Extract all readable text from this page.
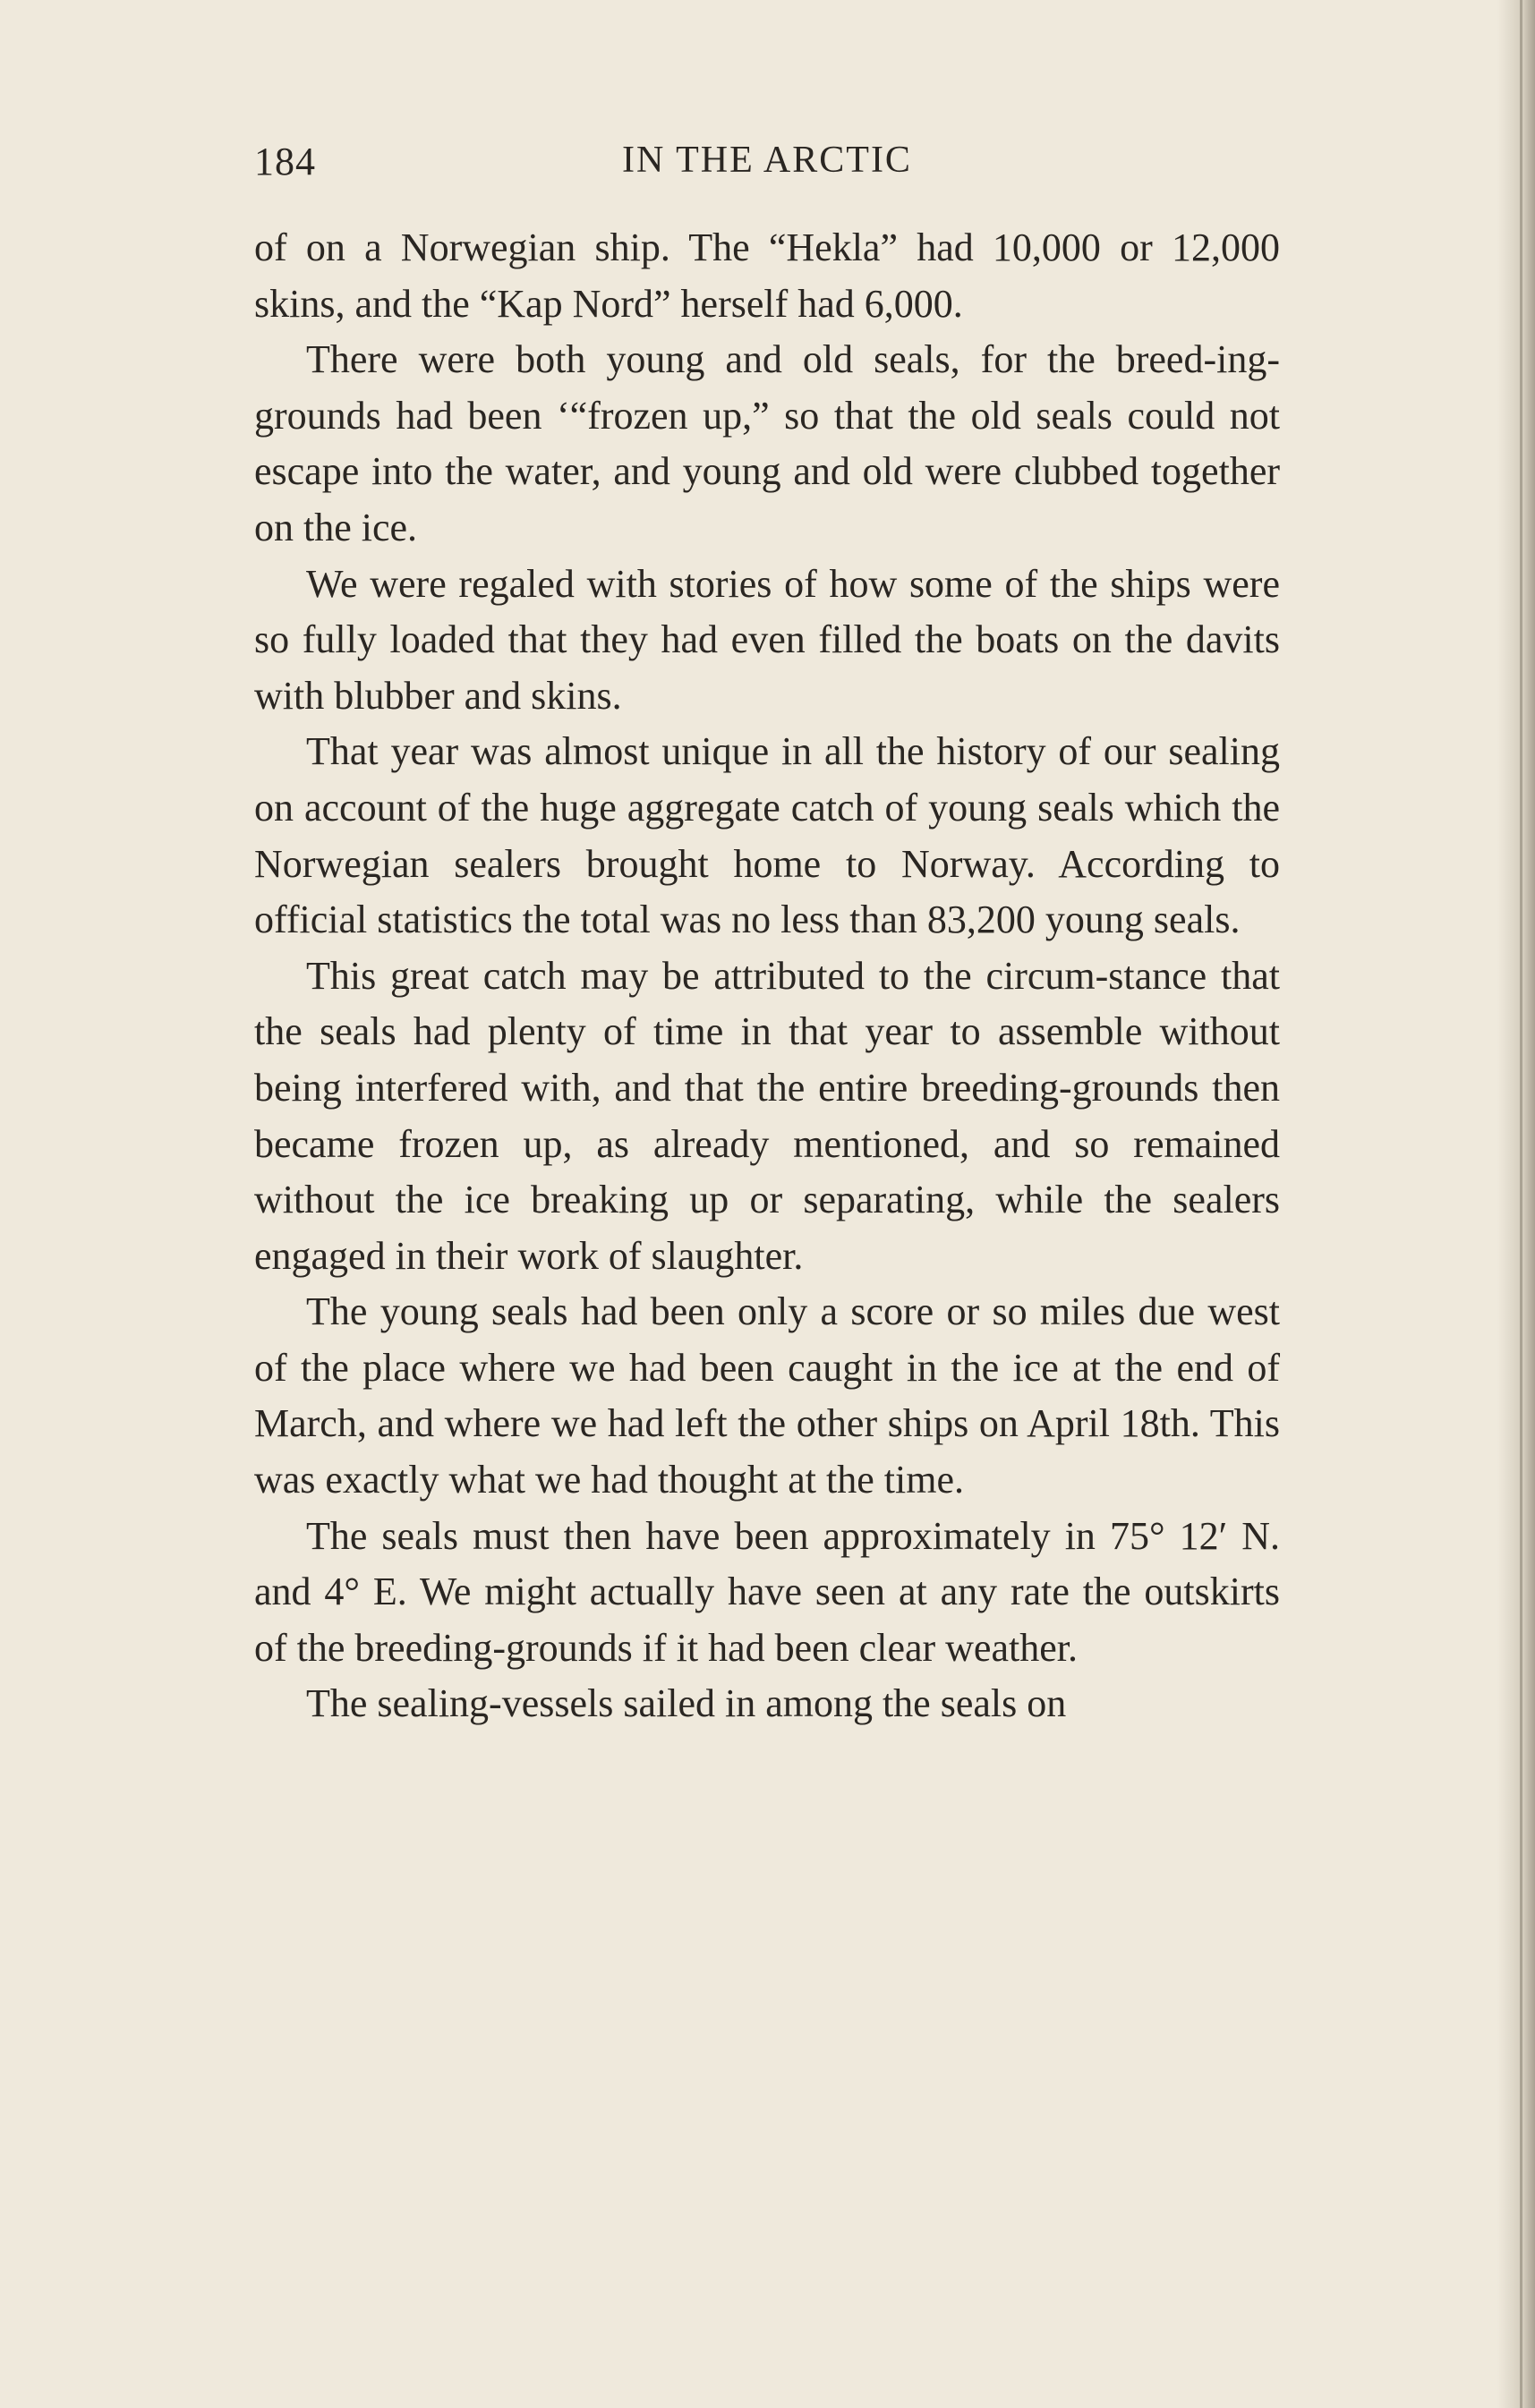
184	IN THE ARCTIC

of on a Norwegian ship. The “Hekla” had 10,000 or 12,000 skins, and the “Kap Nord” herself had 6,000.

There were both young and old seals, for the breed-ing-grounds had been ‘“frozen up,” so that the old seals could not escape into the water, and young and old were clubbed together on the ice.

We were regaled with stories of how some of the ships were so fully loaded that they had even filled the boats on the davits with blubber and skins.

That year was almost unique in all the history of our sealing on account of the huge aggregate catch of young seals which the Norwegian sealers brought home to Norway. According to official statistics the total was no less than 83,200 young seals.

This great catch may be attributed to the circum-stance that the seals had plenty of time in that year to assemble without being interfered with, and that the entire breeding-grounds then became frozen up, as already mentioned, and so remained without the ice breaking up or separating, while the sealers engaged in their work of slaughter.

The young seals had been only a score or so miles due west of the place where we had been caught in the ice at the end of March, and where we had left the other ships on April 18th. This was exactly what we had thought at the time.

The seals must then have been approximately in 75° 12′ N. and 4° E. We might actually have seen at any rate the outskirts of the breeding-grounds if it had been clear weather.

The sealing-vessels sailed in among the seals on
